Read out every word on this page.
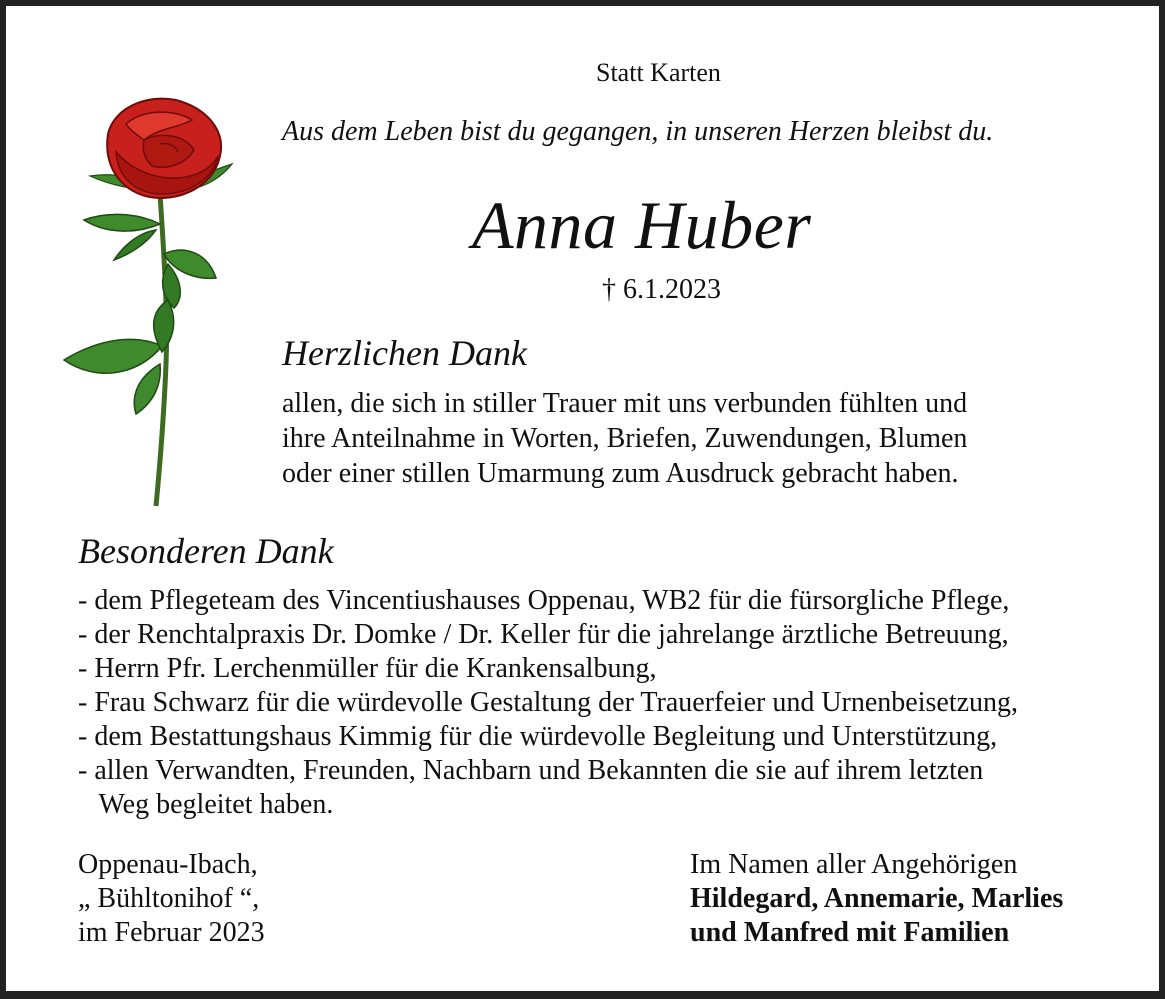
Statt Karten
Aus dem Leben bist du gegangen, in unseren Herzen bleibst du.
Anna Huber
† 6.1.2023
Herzlichen Dank
allen, die sich in stiller Trauer mit uns verbunden fühlten und
ihre Anteilnahme in Worten, Briefen, Zuwendungen, Blumen
oder einer stillen Umarmung zum Ausdruck gebracht haben.
Besonderen Dank
- dem Pflegeteam des Vincentiushauses Oppenau, WB2 für die fürsorgliche Pflege,
- der Renchtalpraxis Dr. Domke / Dr. Keller für die jahrelange ärztliche Betreuung,
- Herrn Pfr. Lerchenmüller für die Krankensalbung,
- Frau Schwarz für die würdevolle Gestaltung der Trauerfeier und Urnenbeisetzung,
- dem Bestattungshaus Kimmig für die würdevolle Begleitung und Unterstützung,
- allen Verwandten, Freunden, Nachbarn und Bekannten die sie auf ihrem letzten
Weg begleitet haben.
Oppenau-Ibach,
„ Bühltonihof “,
im Februar 2023
Im Namen aller Angehörigen
Hildegard, Annemarie, Marlies
und Manfred mit Familien
